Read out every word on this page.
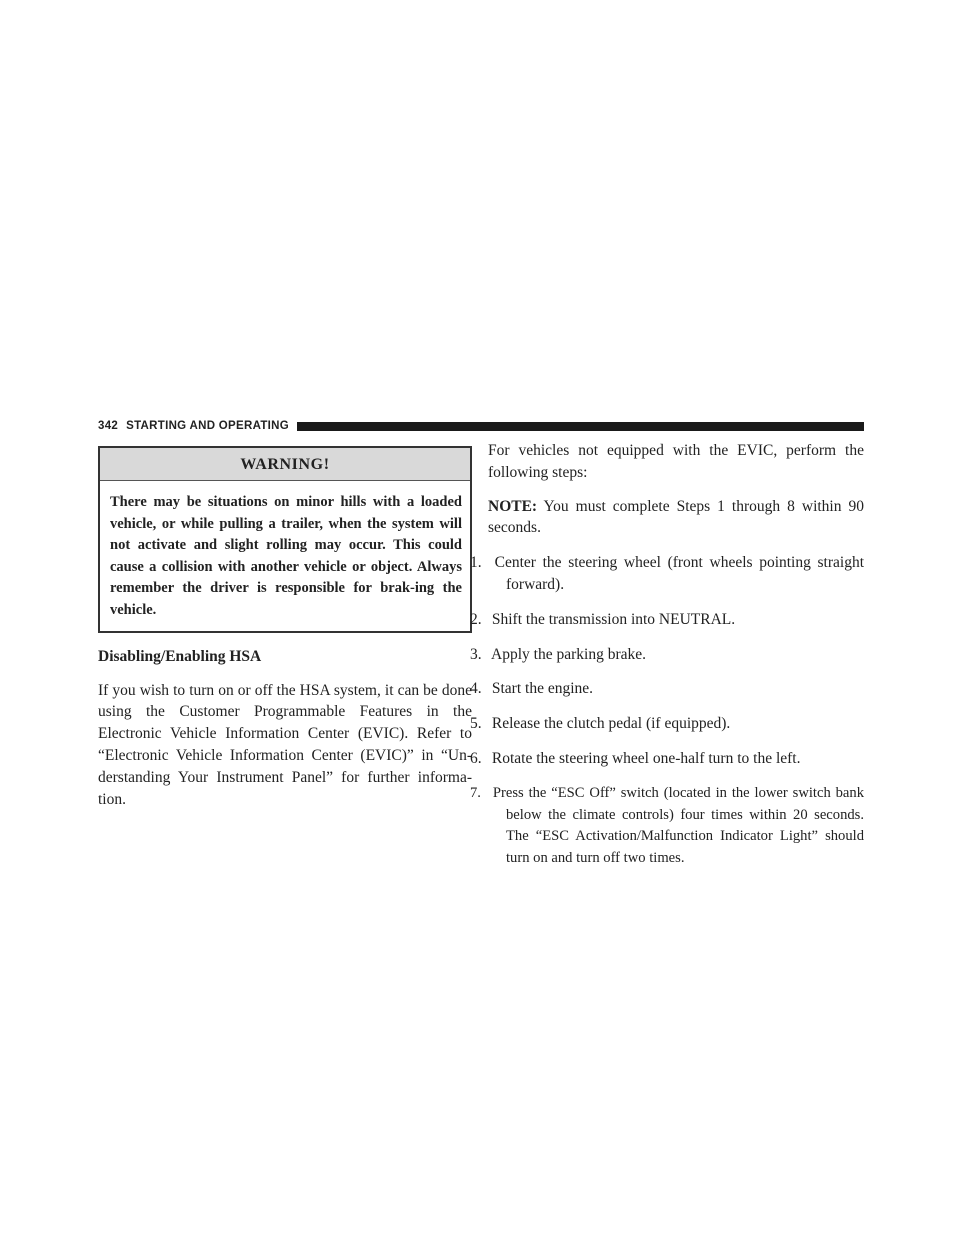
342 STARTING AND OPERATING
WARNING!
There may be situations on minor hills with a loaded vehicle, or while pulling a trailer, when the system will not activate and slight rolling may occur. This could cause a collision with another vehicle or object. Always remember the driver is responsible for brak-ing the vehicle.
Disabling/Enabling HSA

If you wish to turn on or off the HSA system, it can be done using the Customer Programmable Features in the Electronic Vehicle Information Center (EVIC). Refer to “Electronic Vehicle Information Center (EVIC)” in “Un-derstanding Your Instrument Panel” for further informa-tion.

For vehicles not equipped with the EVIC, perform the following steps:

NOTE: You must complete Steps 1 through 8 within 90 seconds.

1. Center the steering wheel (front wheels pointing straight forward).
2. Shift the transmission into NEUTRAL.
3. Apply the parking brake.
4. Start the engine.
5. Release the clutch pedal (if equipped).
6. Rotate the steering wheel one-half turn to the left.
7. Press the “ESC Off” switch (located in the lower switch bank below the climate controls) four times within 20 seconds. The “ESC Activation/Malfunction Indicator Light” should turn on and turn off two times.
